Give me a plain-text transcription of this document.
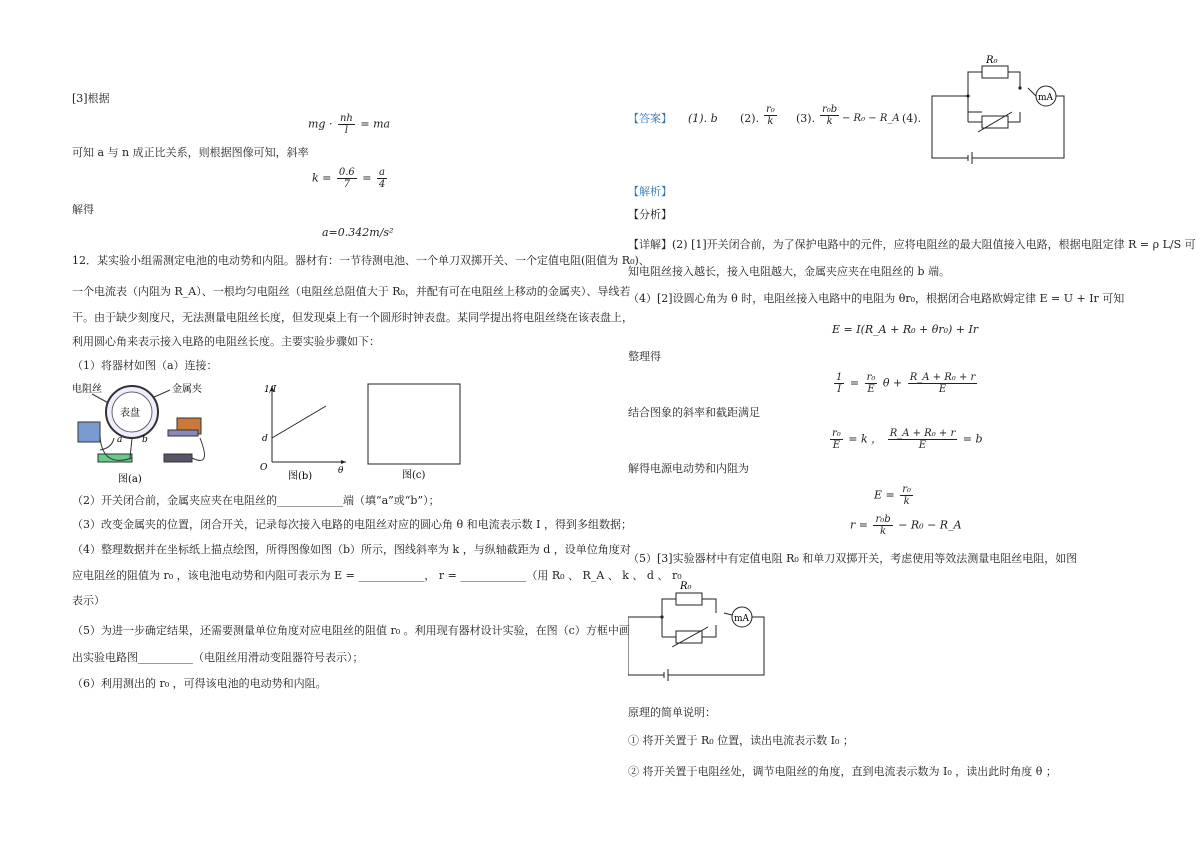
[3]根据
mg · $\frac{nh}{l}$ = ma
可知 a 与 n 成正比关系，则根据图像可知，斜率
$k = \frac{0.6}{7} = \frac{a}{4}$
解得
a=0.342m/s²
12．某实验小组需测定电池的电动势和内阻。器材有：一节待测电池、一个单刀双掷开关、一个定值电阻(阻值为 R₀)、
一个电流表（内阻为 R_A）、一根均匀电阻丝（电阻丝总阻值大于 R₀，并配有可在电阻丝上移动的金属夹）、导线若
干。由于缺少刻度尺，无法测量电阻丝长度，但发现桌上有一个圆形时钟表盘。某同学提出将电阻丝绕在该表盘上，
利用圆心角来表示接入电路的电阻丝长度。主要实验步骤如下：
（1）将器材如图（a）连接：
电阻丝	金属夹
表盘
a b
图(a)
1/I
d
O	θ
图(b)	图(c)
（2）开关闭合前，金属夹应夹在电阻丝的____________端（填“a”或“b”）；
（3）改变金属夹的位置，闭合开关，记录每次接入电路的电阻丝对应的圆心角 θ 和电流表示数 I ，得到多组数据；
（4）整理数据并在坐标纸上描点绘图，所得图像如图（b）所示，图线斜率为 k ，与纵轴截距为 d ，设单位角度对
应电阻丝的阻值为 r₀ ，该电池电动势和内阻可表示为 E = ____________， r = ____________（用 R₀ 、 R_A 、 k 、 d 、 r₀
表示）
（5）为进一步确定结果，还需要测量单位角度对应电阻丝的阻值 r₀ 。利用现有器材设计实验，在图（c）方框中画
出实验电路图__________（电阻丝用滑动变阻器符号表示）；
（6）利用测出的 r₀ ，可得该电池的电动势和内阻。
【答案】 (1). b (2). $\frac{\text{r₀}}{k} (3)$. $\frac{\text{r₀b}}{k} - R_0$ − R_A (4).
R₀
mA
【解析】
【分析】
【详解】(2) [1]开关闭合前，为了保护电路中的元件，应将电阻丝的最大阻值接入电路，根据电阻定律 R = ρ L/S 可
知电阻丝接入越长，接入电阻越大，金属夹应夹在电阻丝的 b 端。
（4）[2]设圆心角为 θ 时，电阻丝接入电路中的电阻为 θr₀，根据闭合电路欧姆定律 E = U + Ir 可知
E = I(R_A + R₀ + θr₀) + Ir
整理得
$\frac{1}{I} = \frac{\text{r₀}}{E}$ $\theta + \frac{\text{R\_A + R₀ + r}}{E}$
结合图象的斜率和截距满足
$\frac{\text{r₀}}{E} = k$ ， $\frac{\text{R\_A + R₀ + r}}{E} = b$
解得电源电动势和内阻为
$E = \frac{\text{r₀}}{k}$
$r = \frac{\text{r₀b}}{k} - R_0$ − R_A
（5）[3]实验器材中有定值电阻 R₀ 和单刀双掷开关，考虑使用等效法测量电阻丝电阻，如图
R₀
mA
原理的简单说明：
① 将开关置于 R₀ 位置，读出电流表示数 I₀ ；
② 将开关置于电阻丝处，调节电阻丝的角度，直到电流表示数为 I₀ ，读出此时角度 θ ；
